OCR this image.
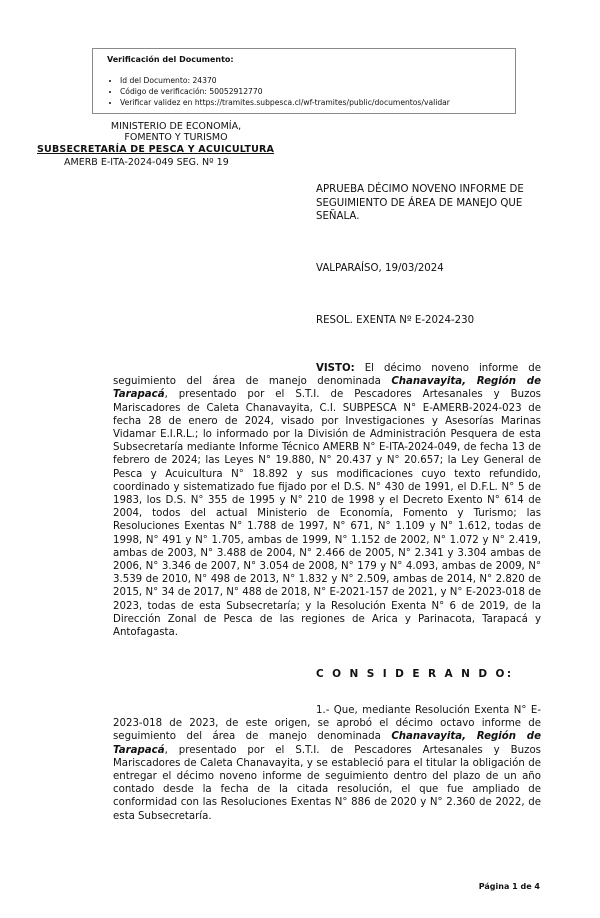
Verificación del Documento:
• Id del Documento: 24370
• Código de verificación: 50052912770
• Verificar validez en https://tramites.subpesca.cl/wf-tramites/public/documentos/validar
MINISTERIO DE ECONOMÍA,
FOMENTO Y TURISMO
SUBSECRETARÍA DE PESCA Y ACUICULTURA
AMERB E-ITA-2024-049 SEG. Nº 19
APRUEBA DÉCIMO NOVENO INFORME DE SEGUIMIENTO DE ÁREA DE MANEJO QUE SEÑALA.
VALPARAÍSO, 19/03/2024
RESOL. EXENTA Nº E-2024-230

VISTO: El décimo noveno informe de seguimiento del área de manejo denominada Chanavayita, Región de Tarapacá, presentado por el S.T.I. de Pescadores Artesanales y Buzos Mariscadores de Caleta Chanavayita, C.I. SUBPESCA N° E-AMERB-2024-023 de fecha 28 de enero de 2024, visado por Investigaciones y Asesorías Marinas Vidamar E.I.R.L.; lo informado por la División de Administración Pesquera de esta Subsecretaría mediante Informe Técnico AMERB N° E-ITA-2024-049, de fecha 13 de febrero de 2024; las Leyes N° 19.880, N° 20.437 y N° 20.657; la Ley General de Pesca y Acuicultura N° 18.892 y sus modificaciones cuyo texto refundido, coordinado y sistematizado fue fijado por el D.S. N° 430 de 1991, el D.F.L. N° 5 de 1983, los D.S. N° 355 de 1995 y N° 210 de 1998 y el Decreto Exento N° 614 de 2004, todos del actual Ministerio de Economía, Fomento y Turismo; las Resoluciones Exentas N° 1.788 de 1997, N° 671, N° 1.109 y N° 1.612, todas de 1998, N° 491 y N° 1.705, ambas de 1999, N° 1.152 de 2002, N° 1.072 y N° 2.419, ambas de 2003, N° 3.488 de 2004, N° 2.466 de 2005, N° 2.341 y 3.304 ambas de 2006, N° 3.346 de 2007, N° 3.054 de 2008, N° 179 y N° 4.093, ambas de 2009, N° 3.539 de 2010, N° 498 de 2013, N° 1.832 y N° 2.509, ambas de 2014, N° 2.820 de 2015, N° 34 de 2017, N° 488 de 2018, N° E-2021-157 de 2021, y N° E-2023-018 de 2023, todas de esta Subsecretaría; y la Resolución Exenta N° 6 de 2019, de la Dirección Zonal de Pesca de las regiones de Arica y Parinacota, Tarapacá y Antofagasta.

C O N S I D E R A N D O:

1.- Que, mediante Resolución Exenta N° E-2023-018 de 2023, de este origen, se aprobó el décimo octavo informe de seguimiento del área de manejo denominada Chanavayita, Región de Tarapacá, presentado por el S.T.I. de Pescadores Artesanales y Buzos Mariscadores de Caleta Chanavayita, y se estableció para el titular la obligación de entregar el décimo noveno informe de seguimiento dentro del plazo de un año contado desde la fecha de la citada resolución, el que fue ampliado de conformidad con las Resoluciones Exentas N° 886 de 2020 y N° 2.360 de 2022, de esta Subsecretaría.

Página 1 de 4
